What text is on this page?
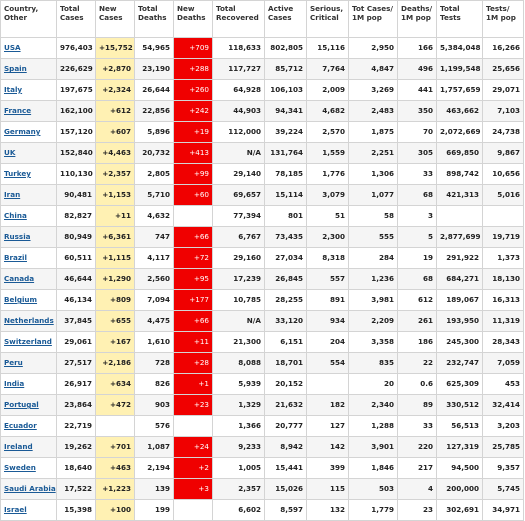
Country, Other	Total Cases	New Cases	Total Deaths	New Deaths	Total Recovered	Active Cases	Serious, Critical	Tot Cases/ 1M pop	Deaths/ 1M pop	Total Tests	Tests/ 1M pop
USA	976,403	+15,752	54,965	+709	118,633	802,805	15,116	2,950	166	5,384,048	16,266
Spain	226,629	+2,870	23,190	+288	117,727	85,712	7,764	4,847	496	1,199,548	25,656
Italy	197,675	+2,324	26,644	+260	64,928	106,103	2,009	3,269	441	1,757,659	29,071
France	162,100	+612	22,856	+242	44,903	94,341	4,682	2,483	350	463,662	7,103
Germany	157,120	+607	5,896	+19	112,000	39,224	2,570	1,875	70	2,072,669	24,738
UK	152,840	+4,463	20,732	+413	N/A	131,764	1,559	2,251	305	669,850	9,867
Turkey	110,130	+2,357	2,805	+99	29,140	78,185	1,776	1,306	33	898,742	10,656
Iran	90,481	+1,153	5,710	+60	69,657	15,114	3,079	1,077	68	421,313	5,016
China	82,827	+11	4,632		77,394	801	51	58	3		
Russia	80,949	+6,361	747	+66	6,767	73,435	2,300	555	5	2,877,699	19,719
Brazil	60,511	+1,115	4,117	+72	29,160	27,034	8,318	284	19	291,922	1,373
Canada	46,644	+1,290	2,560	+95	17,239	26,845	557	1,236	68	684,271	18,130
Belgium	46,134	+809	7,094	+177	10,785	28,255	891	3,981	612	189,067	16,313
Netherlands	37,845	+655	4,475	+66	N/A	33,120	934	2,209	261	193,950	11,319
Switzerland	29,061	+167	1,610	+11	21,300	6,151	204	3,358	186	245,300	28,343
Peru	27,517	+2,186	728	+28	8,088	18,701	554	835	22	232,747	7,059
India	26,917	+634	826	+1	5,939	20,152		20	0.6	625,309	453
Portugal	23,864	+472	903	+23	1,329	21,632	182	2,340	89	330,512	32,414
Ecuador	22,719		576		1,366	20,777	127	1,288	33	56,513	3,203
Ireland	19,262	+701	1,087	+24	9,233	8,942	142	3,901	220	127,319	25,785
Sweden	18,640	+463	2,194	+2	1,005	15,441	399	1,846	217	94,500	9,357
Saudi Arabia	17,522	+1,223	139	+3	2,357	15,026	115	503	4	200,000	5,745
Israel	15,398	+100	199		6,602	8,597	132	1,779	23	302,691	34,971
